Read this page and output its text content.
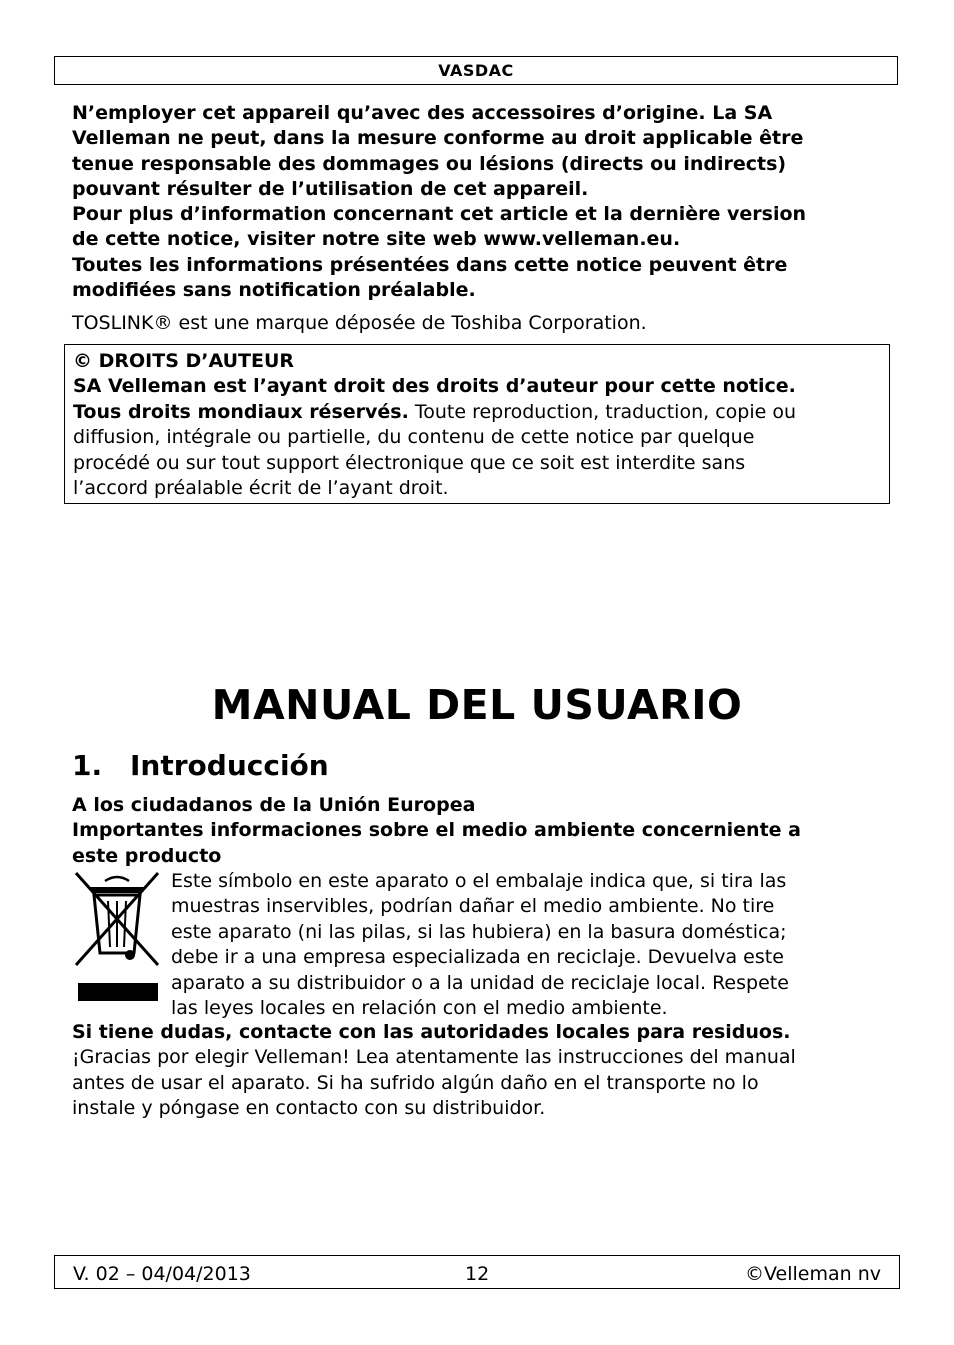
VASDAC
N’employer cet appareil qu’avec des accessoires d’origine. La SA
Velleman ne peut, dans la mesure conforme au droit applicable être
tenue responsable des dommages ou lésions (directs ou indirects)
pouvant résulter de l’utilisation de cet appareil.
Pour plus d’information concernant cet article et la dernière version
de cette notice, visiter notre site web www.velleman.eu.
Toutes les informations présentées dans cette notice peuvent être
modifiées sans notification préalable.
TOSLINK® est une marque déposée de Toshiba Corporation.
© DROITS D’AUTEUR
SA Velleman est l’ayant droit des droits d’auteur pour cette notice.
Tous droits mondiaux réservés. Toute reproduction, traduction, copie ou
diffusion, intégrale ou partielle, du contenu de cette notice par quelque
procédé ou sur tout support électronique que ce soit est interdite sans
l’accord préalable écrit de l’ayant droit.
MANUAL DEL USUARIO
1. Introducción
A los ciudadanos de la Unión Europea
Importantes informaciones sobre el medio ambiente concerniente a
este producto
Este símbolo en este aparato o el embalaje indica que, si tira las
muestras inservibles, podrían dañar el medio ambiente. No tire
este aparato (ni las pilas, si las hubiera) en la basura doméstica;
debe ir a una empresa especializada en reciclaje. Devuelva este
aparato a su distribuidor o a la unidad de reciclaje local. Respete
las leyes locales en relación con el medio ambiente.
Si tiene dudas, contacte con las autoridades locales para residuos.
¡Gracias por elegir Velleman! Lea atentamente las instrucciones del manual
antes de usar el aparato. Si ha sufrido algún daño en el transporte no lo
instale y póngase en contacto con su distribuidor.
V. 02 – 04/04/2013	12	©Velleman nv
